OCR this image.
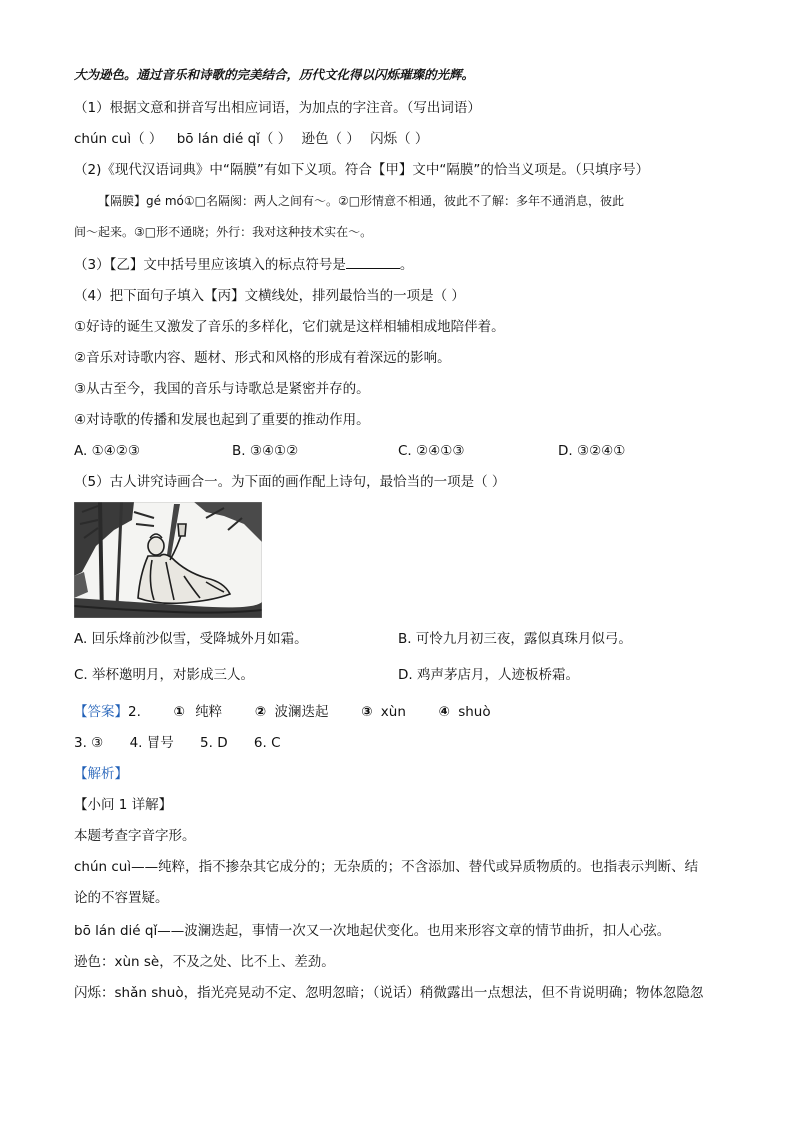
大为逊色。通过音乐和诗歌的完美结合，历代文化得以闪烁璀璨的光辉。
（1）根据文意和拼音写出相应词语，为加点的字注音。（写出词语）
chún cuì（ ） bō lán dié qǐ（ ） 逊色（ ） 闪烁（ ）
（2)《现代汉语词典》中“隔膜”有如下义项。符合【甲】文中“隔膜”的恰当义项是。（只填序号）
【隔膜】gé mó①□名隔阂：两人之间有～。②□形情意不相通，彼此不了解：多年不通消息，彼此
间～起来。③□形不通晓；外行：我对这种技术实在～。
（3）【乙】文中括号里应该填入的标点符号是	。
（4）把下面句子填入【丙】文横线处，排列最恰当的一项是（ ）
①好诗的诞生又激发了音乐的多样化，它们就是这样相辅相成地陪伴着。
②音乐对诗歌内容、题材、形式和风格的形成有着深远的影响。
③从古至今，我国的音乐与诗歌总是紧密并存的。
④对诗歌的传播和发展也起到了重要的推动作用。
A. ①④②③	B. ③④①②	C. ②④①③	D. ③②④①
（5）古人讲究诗画合一。为下面的画作配上诗句，最恰当的一项是（ ）
A. 回乐烽前沙似雪，受降城外月如霜。	B. 可怜九月初三夜，露似真珠月似弓。
C. 举杯邀明月，对影成三人。	D. 鸡声茅店月，人迹板桥霜。
【答案】2. ① 纯粹 ② 波澜迭起 ③ xùn ④ shuò
3. ③ 4. 冒号 5. D 6. C
【解析】
【小问 1 详解】
本题考查字音字形。
chún cuì——纯粹，指不掺杂其它成分的；无杂质的；不含添加、替代或异质物质的。也指表示判断、结
论的不容置疑。
bō lán dié qǐ——波澜迭起，事情一次又一次地起伏变化。也用来形容文章的情节曲折，扣人心弦。
逊色：xùn sè，不及之处、比不上、差劲。
闪烁：shǎn shuò，指光亮晃动不定、忽明忽暗；（说话）稍微露出一点想法，但不肯说明确；物体忽隐忽
